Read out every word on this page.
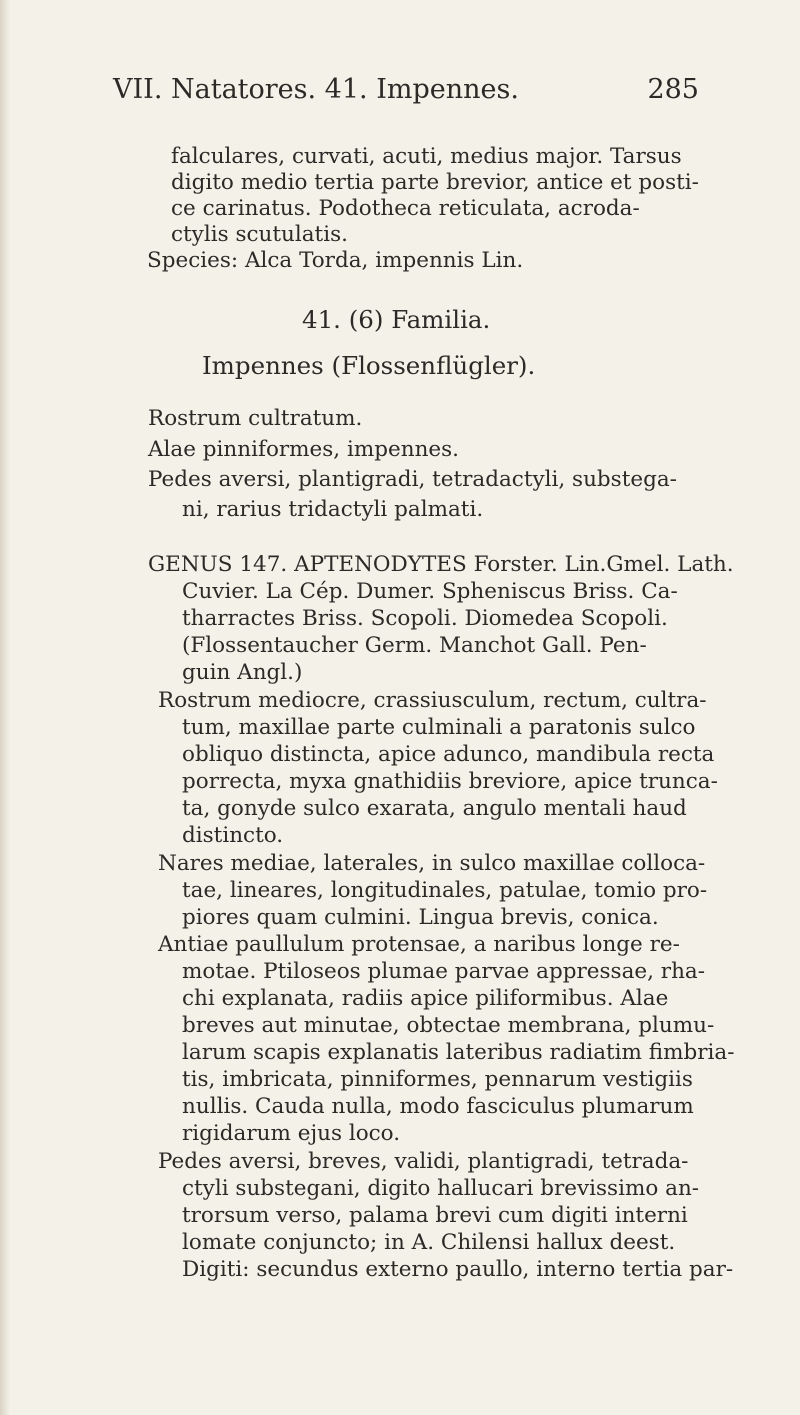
VII. Natatores. 41. Impennes.	285
falculares, curvati, acuti, medius major. Tarsus
digito medio tertia parte brevior, antice et posti-
ce carinatus. Podotheca reticulata, acroda-
ctylis scutulatis.
Species: Alca Torda, impennis Lin.
41. (6) Familia.
Impennes (Flossenflügler).
Rostrum cultratum.
Alae pinniformes, impennes.
Pedes aversi, plantigradi, tetradactyli, substega-
ni, rarius tridactyli palmati.
GENUS 147. APTENODYTES Forster. Lin.Gmel. Lath.
Cuvier. La Cép. Dumer. Spheniscus Briss. Ca-
tharractes Briss. Scopoli. Diomedea Scopoli.
(Flossentaucher Germ. Manchot Gall. Pen-
guin Angl.)
Rostrum mediocre, crassiusculum, rectum, cultra-
tum, maxillae parte culminali a paratonis sulco
obliquo distincta, apice adunco, mandibula recta
porrecta, myxa gnathidiis breviore, apice trunca-
ta, gonyde sulco exarata, angulo mentali haud
distincto.
Nares mediae, laterales, in sulco maxillae colloca-
tae, lineares, longitudinales, patulae, tomio pro-
piores quam culmini. Lingua brevis, conica.
Antiae paullulum protensae, a naribus longe re-
motae. Ptiloseos plumae parvae appressae, rha-
chi explanata, radiis apice piliformibus. Alae
breves aut minutae, obtectae membrana, plumu-
larum scapis explanatis lateribus radiatim fimbria-
tis, imbricata, pinniformes, pennarum vestigiis
nullis. Cauda nulla, modo fasciculus plumarum
rigidarum ejus loco.
Pedes aversi, breves, validi, plantigradi, tetrada-
ctyli substegani, digito hallucari brevissimo an-
trorsum verso, palama brevi cum digiti interni
lomate conjuncto; in A. Chilensi hallux deest.
Digiti: secundus externo paullo, interno tertia par-
